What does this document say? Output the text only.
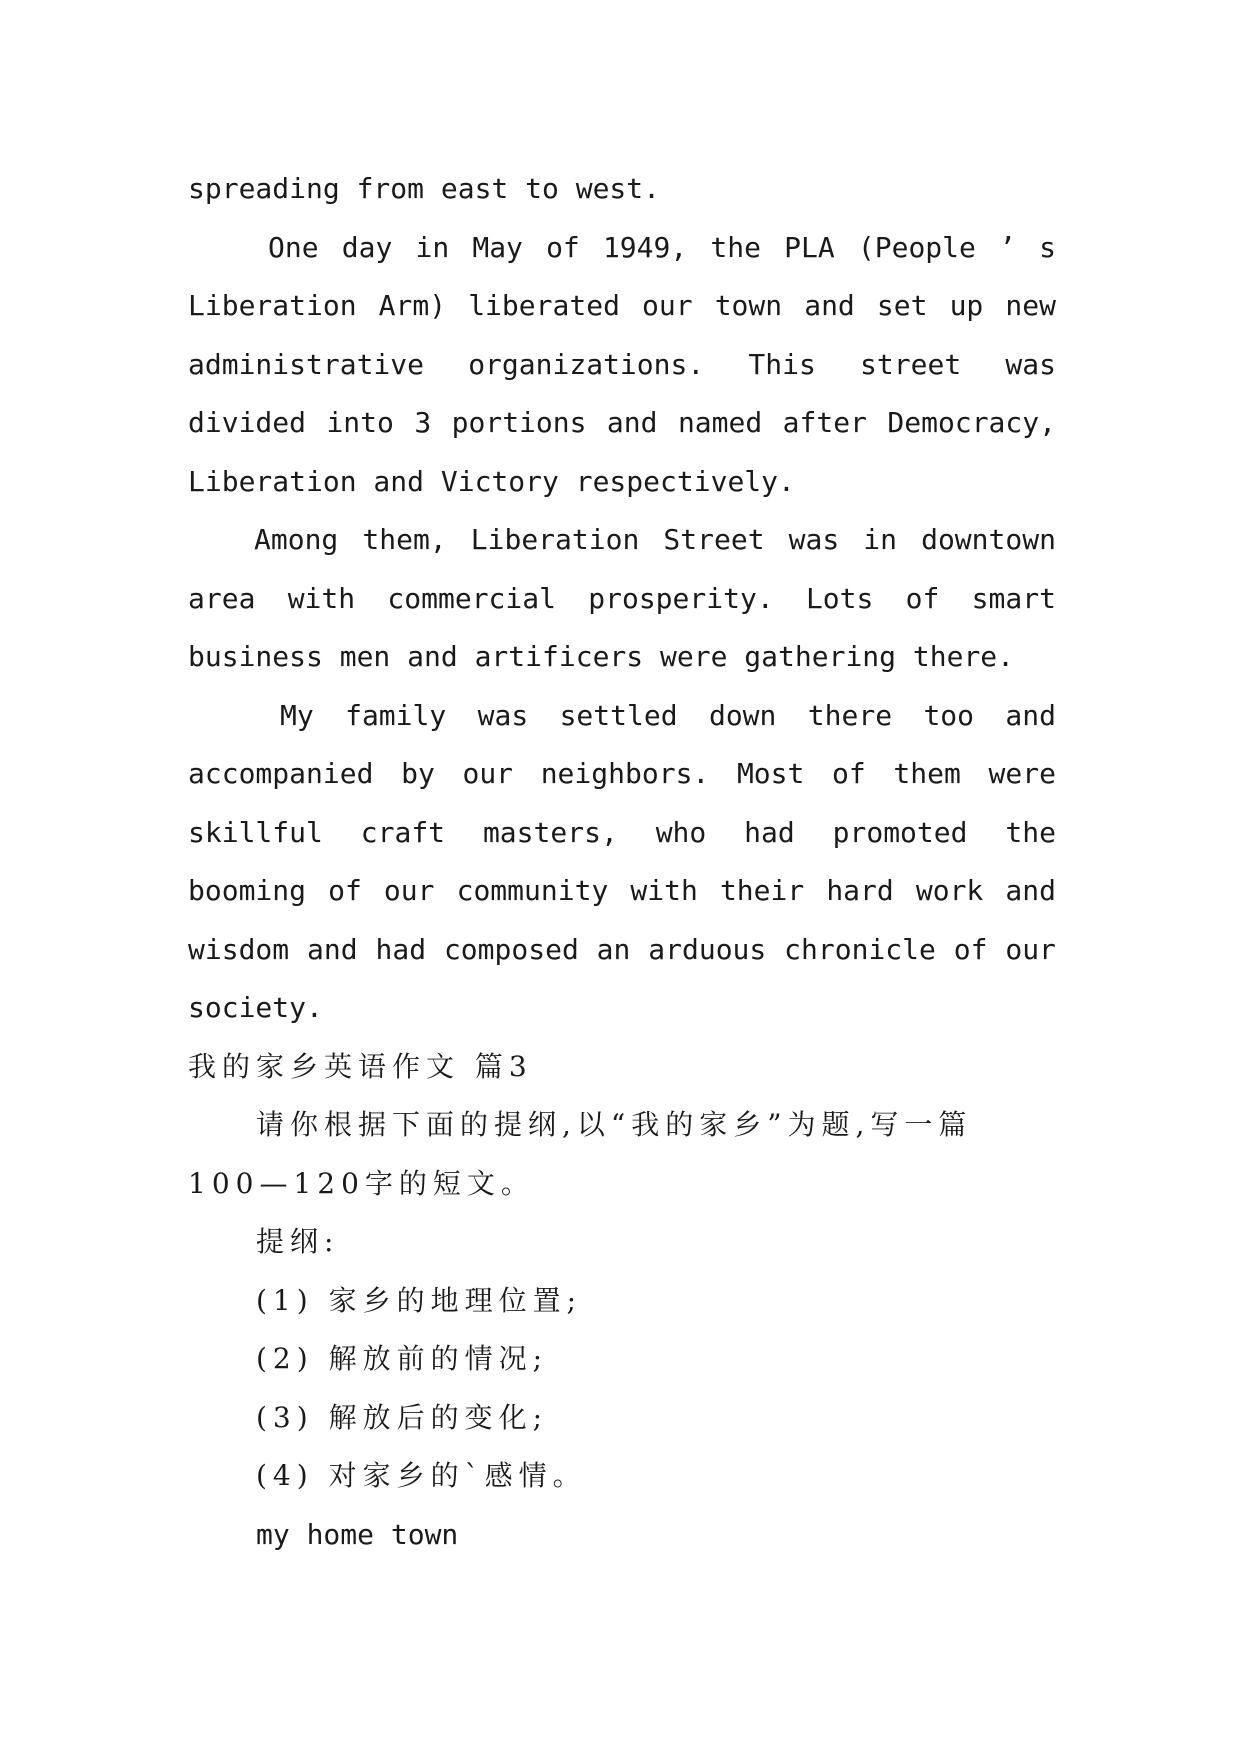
spreading from east to west.
One day in May of 1949, the PLA (People ’ s
Liberation Arm) liberated our town and set up new
administrative organizations. This street was
divided into 3 portions and named after Democracy,
Liberation and Victory respectively.
Among them, Liberation Street was in downtown
area with commercial prosperity. Lots of smart
business men and artificers were gathering there.
My family was settled down there too and
accompanied by our neighbors. Most of them were
skillful craft masters, who had promoted the
booming of our community with their hard work and
wisdom and had composed an arduous chronicle of our
society.
我的家乡英语作文 篇3
请你根据下面的提纲,以“我的家乡”为题,写一篇
100—120字的短文。
提纲:
(1) 家乡的地理位置;
(2) 解放前的情况;
(3) 解放后的变化;
(4) 对家乡的`感情。
my home town
